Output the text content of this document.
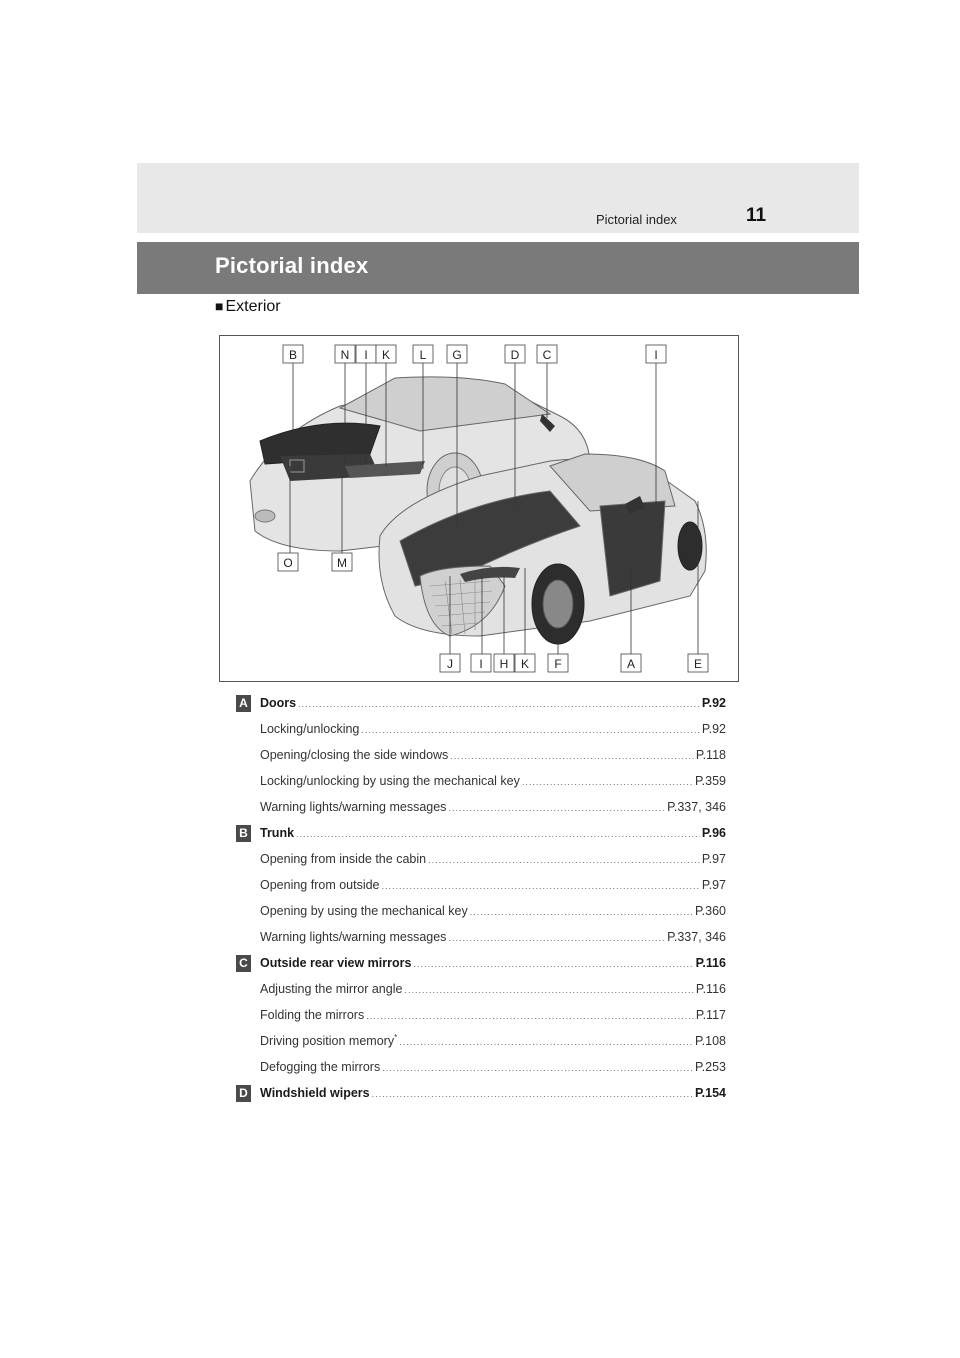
Pictorial index	11
Pictorial index
■ Exterior
B	N I K L G	D C	I
O	M
J I H K F	A	E
A Doors .....	P.92
Locking/unlocking .....	P.92
Opening/closing the side windows .....	P.118
Locking/unlocking by using the mechanical key .....	P.359
Warning lights/warning messages .....	P.337, 346
B Trunk .....	P.96
Opening from inside the cabin .....	P.97
Opening from outside .....	P.97
Opening by using the mechanical key .....	P.360
Warning lights/warning messages .....	P.337, 346
C Outside rear view mirrors .....	P.116
Adjusting the mirror angle .....	P.116
Folding the mirrors .....	P.117
Driving position memory* .....	P.108
Defogging the mirrors .....	P.253
D Windshield wipers .....	P.154
